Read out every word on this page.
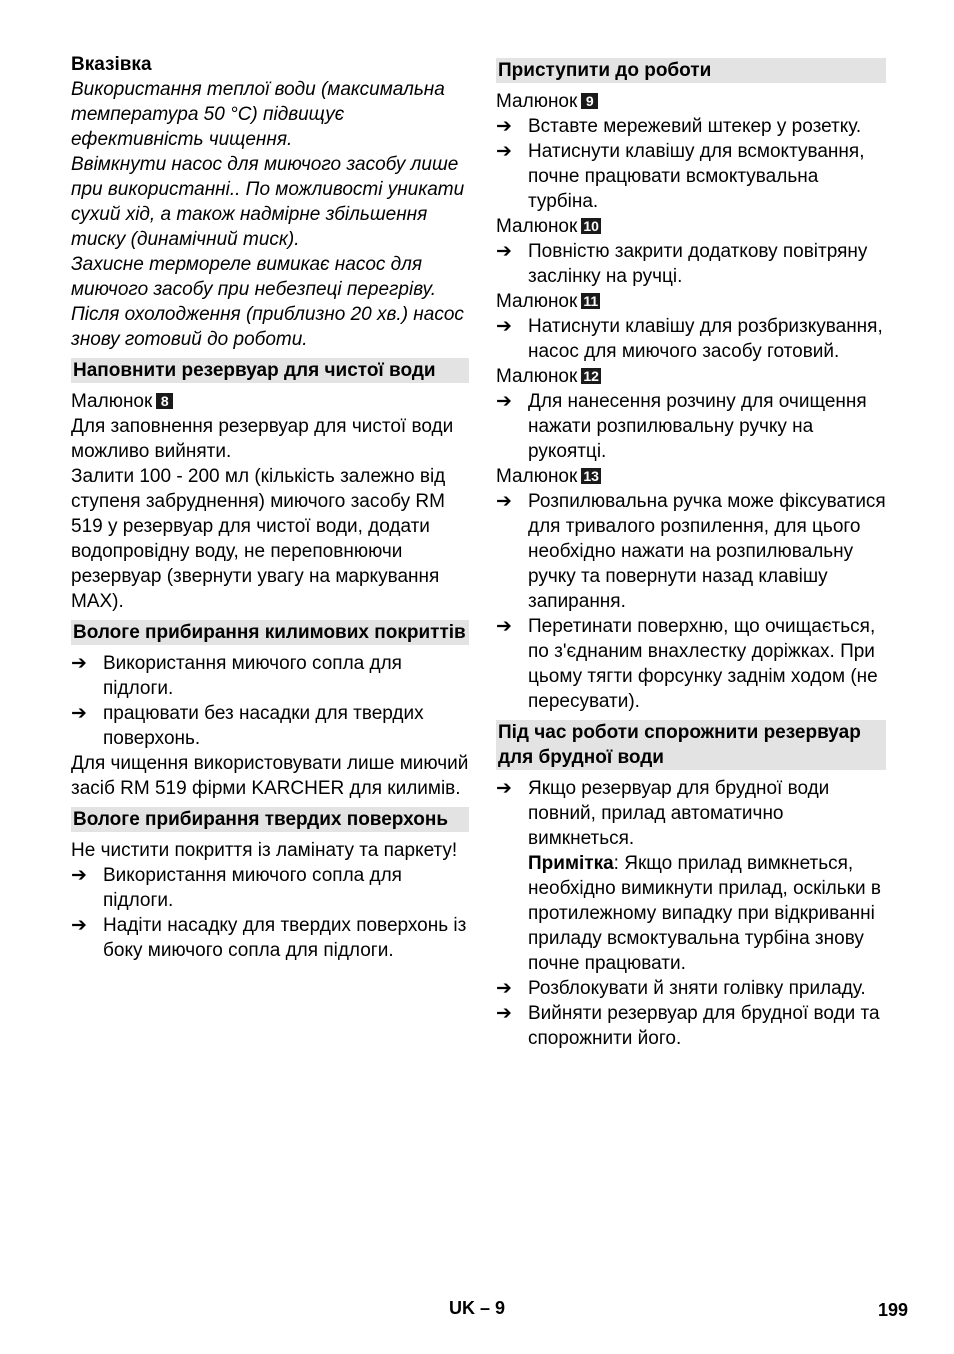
Вказівка

Використання теплої води (максимальна температура 50 °C) підвищує ефективність чищення.

Ввімкнути насос для миючого засобу лише при використанні.. По можливості уникати сухий хід, а також надмірне збільшення тиску (динамічний тиск).

Захисне термореле вимикає насос для миючого засобу при небезпеці перегріву. Після охолодження (приблизно 20 хв.) насос знову готовий до роботи.

Наповнити резервуар для чистої води

Малюнок 8

Для заповнення резервуар для чистої води можливо вийняти.

Залити 100 - 200 мл (кількість залежно від ступеня забруднення) миючого засобу RM 519 у резервуар для чистої води, додати водопровідну воду, не переповнюючи резервуар (звернути увагу на маркування MAX).

Вологе прибирання килимових покриттів

➔ Використання миючого сопла для підлоги.

➔ працювати без насадки для твердих поверхонь.

Для чищення використовувати лише миючий засіб RM 519 фірми KARCHER для килимів.

Вологе прибирання твердих поверхонь

Не чистити покриття із ламінату та паркету!

➔ Використання миючого сопла для підлоги.

➔ Надіти насадку для твердих поверхонь із боку миючого сопла для підлоги.

Приступити до роботи

Малюнок 9

➔ Вставте мережевий штекер у розетку.

➔ Натиснути клавішу для всмоктування, почне працювати всмоктувальна турбіна.

Малюнок 10

➔ Повністю закрити додаткову повітряну заслінку на ручці.

Малюнок 11

➔ Натиснути клавішу для розбризкування, насос для миючого засобу готовий.

Малюнок 12

➔ Для нанесення розчину для очищення нажати розпилювальну ручку на рукоятці.

Малюнок 13

➔ Розпилювальна ручка може фіксуватися для тривалого розпилення, для цього необхідно нажати на розпилювальну ручку та повернути назад клавішу запирання.

➔ Перетинати поверхню, що очищається, по з'єднаним внахлестку доріжках. При цьому тягти форсунку заднім ходом (не пересувати).

Під час роботи спорожнити резервуар для брудної води
➔ Якщо резервуар для брудної води повний, прилад автоматично вимкнеться.
Примітка: Якщо прилад вимкнеться, необхідно вимикнути прилад, оскільки в протилежному випадку при відкриванні приладу всмоктувальна турбіна знову почне працювати.

➔ Розблокувати й зняти голівку приладу.

➔ Вийняти резервуар для брудної води та спорожнити його.

UK – 9	199
